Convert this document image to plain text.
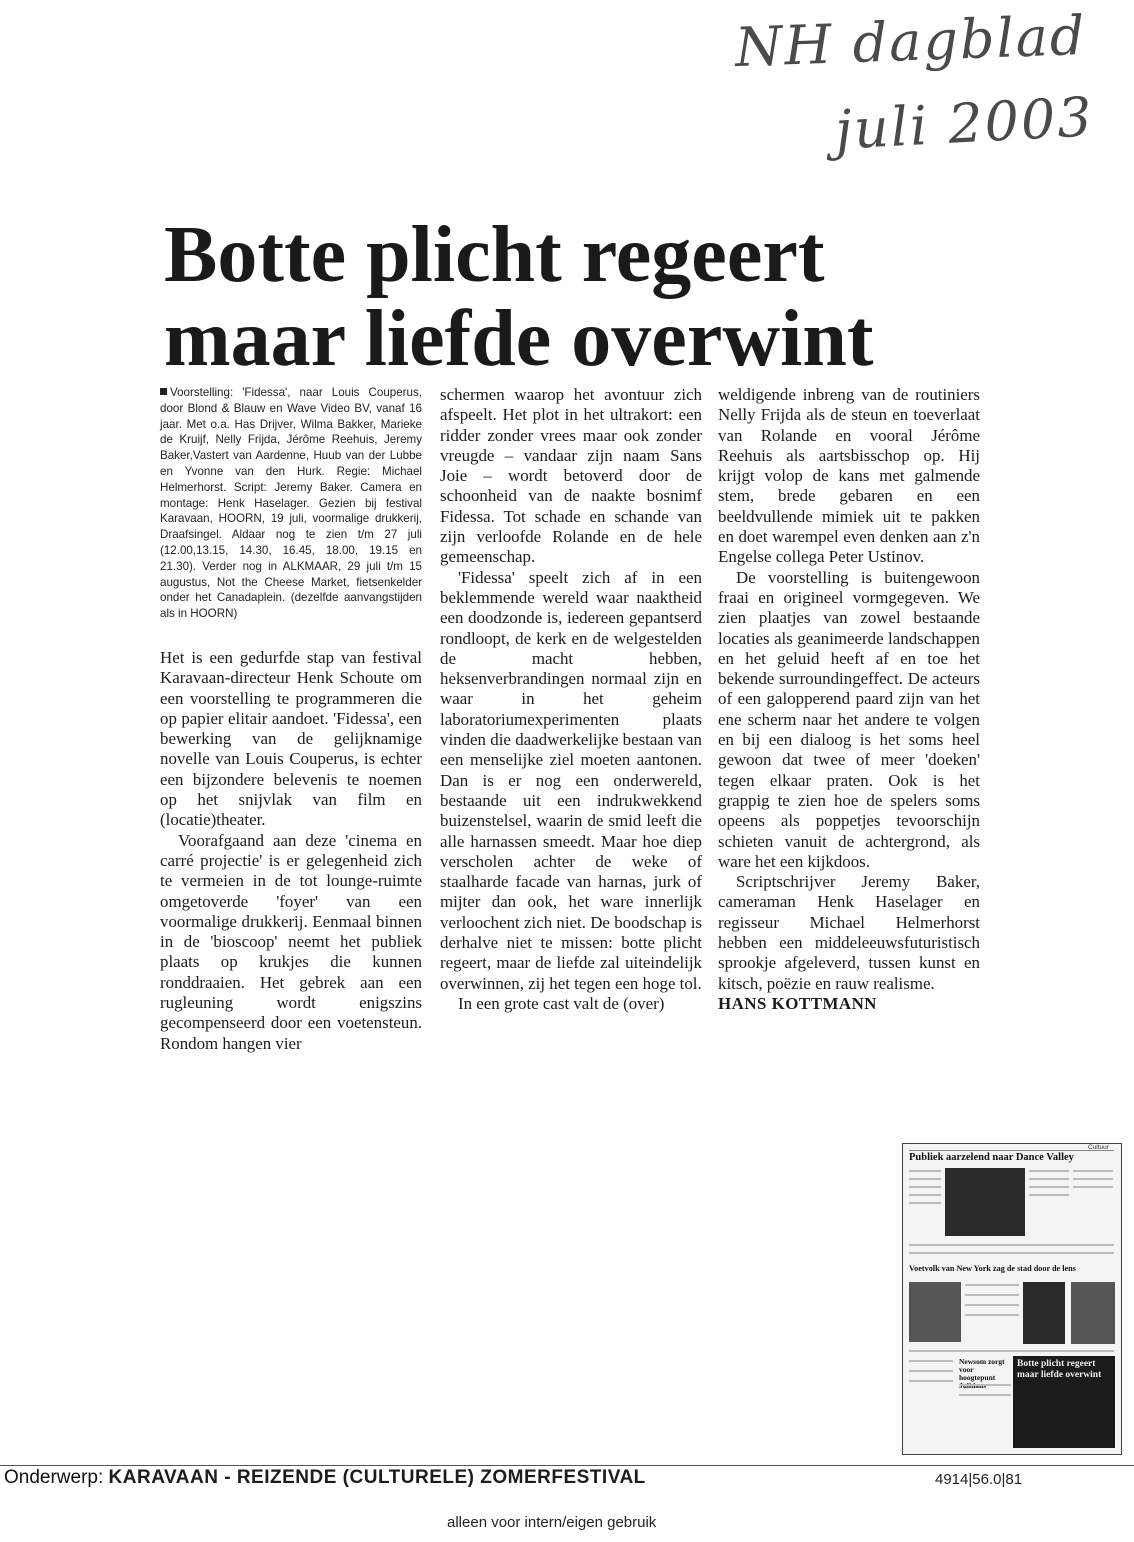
NH dagblad
juli 2003
Botte plicht regeert
maar liefde overwint

Voorstelling: 'Fidessa', naar Louis Couperus, door Blond & Blauw en Wave Video BV, vanaf 16 jaar. Met o.a. Has Drijver, Wilma Bakker, Marieke de Kruijf, Nelly Frijda, Jérôme Reehuis, Jeremy Baker,Vastert van Aardenne, Huub van der Lubbe en Yvonne van den Hurk. Regie: Michael Helmerhorst. Script: Jeremy Baker. Camera en montage: Henk Haselager. Gezien bij festival Karavaan, HOORN, 19 juli, voormalige drukkerij, Draafsingel. Aldaar nog te zien t/m 27 juli (12.00,13.15, 14.30, 16.45, 18.00, 19.15 en 21.30). Verder nog in ALKMAAR, 29 juli t/m 15 augustus, Not the Cheese Market, fietsenkelder onder het Canadaplein. (dezelfde aanvangstijden als in HOORN)

Het is een gedurfde stap van festival Karavaan-directeur Henk Schoute om een voorstelling te programmeren die op papier elitair aandoet. 'Fidessa', een bewerking van de gelijknamige novelle van Louis Couperus, is echter een bijzondere belevenis te noemen op het snijvlak van film en (locatie)theater.

Voorafgaand aan deze 'cinema en carré projectie' is er gelegenheid zich te vermeien in de tot lounge-ruimte omgetoverde 'foyer' van een voormalige drukkerij. Eenmaal binnen in de 'bioscoop' neemt het publiek plaats op krukjes die kunnen ronddraaien. Het gebrek aan een rugleuning wordt enigszins gecompenseerd door een voetensteun. Rondom hangen vier

schermen waarop het avontuur zich afspeelt. Het plot in het ultrakort: een ridder zonder vrees maar ook zonder vreugde – vandaar zijn naam Sans Joie – wordt betoverd door de schoonheid van de naakte bosnimf Fidessa. Tot schade en schande van zijn verloofde Rolande en de hele gemeenschap.

'Fidessa' speelt zich af in een beklemmende wereld waar naaktheid een doodzonde is, iedereen gepantserd rondloopt, de kerk en de welgestelden de macht hebben, heksenverbrandingen normaal zijn en waar in het geheim laboratoriumexperimenten plaats vinden die daadwerkelijke bestaan van een menselijke ziel moeten aantonen. Dan is er nog een onderwereld, bestaande uit een indrukwekkend buizenstelsel, waarin de smid leeft die alle harnassen smeedt. Maar hoe diep verscholen achter de weke of staalharde facade van harnas, jurk of mijter dan ook, het ware innerlijk verloochent zich niet. De boodschap is derhalve niet te missen: botte plicht regeert, maar de liefde zal uiteindelijk overwinnen, zij het tegen een hoge tol.

In een grote cast valt de (over)

weldigende inbreng van de routiniers Nelly Frijda als de steun en toeverlaat van Rolande en vooral Jérôme Reehuis als aartsbisschop op. Hij krijgt volop de kans met galmende stem, brede gebaren en een beeldvullende mimiek uit te pakken en doet warempel even denken aan z'n Engelse collega Peter Ustinov.

De voorstelling is buitengewoon fraai en origineel vormgegeven. We zien plaatjes van zowel bestaande locaties als geanimeerde landschappen en het geluid heeft af en toe het bekende surroundingeffect. De acteurs of een galopperend paard zijn van het ene scherm naar het andere te volgen en bij een dialoog is het soms heel gewoon dat twee of meer 'doeken' tegen elkaar praten. Ook is het grappig te zien hoe de spelers soms opeens als poppetjes tevoorschijn schieten vanuit de achtergrond, als ware het een kijkdoos.

Scriptschrijver Jeremy Baker, cameraman Henk Haselager en regisseur Michael Helmerhorst hebben een middeleeuwsfuturistisch sprookje afgeleverd, tussen kunst en kitsch, poëzie en rauw realisme.

HANS KOTTMANN

Cultuur
Publiek aarzelend naar Dance Valley
Voetvolk van New York zag de stad door de lens
Newsom zorgt voor hoogtepunt
Botte plicht regeert
maar liefde overwint
Onderwerp: KARAVAAN - REIZENDE (CULTURELE) ZOMERFESTIVAL	4914|56.0|81
alleen voor intern/eigen gebruik
